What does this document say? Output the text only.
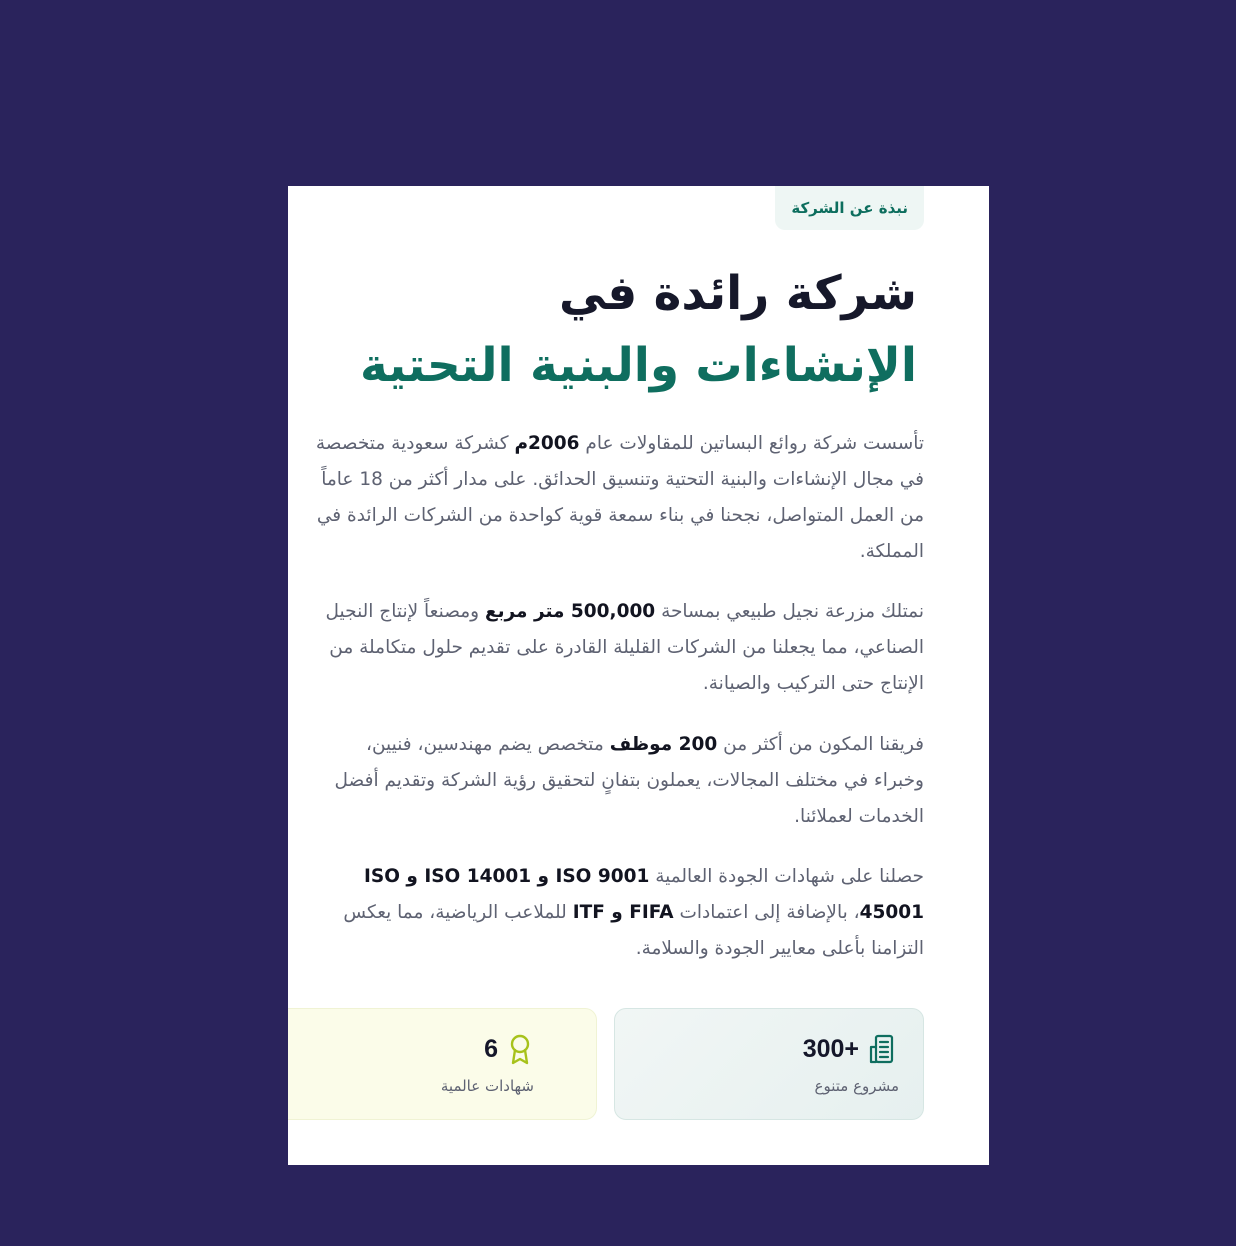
نبذة عن الشركة
شركة رائدة في
الإنشاءات والبنية التحتية

تأسست شركة روائع البساتين للمقاولات عام 2006م كشركة سعودية متخصصة في مجال الإنشاءات والبنية التحتية وتنسيق الحدائق. على مدار أكثر من 18 عاماً من العمل المتواصل، نجحنا في بناء سمعة قوية كواحدة من الشركات الرائدة في المملكة.

نمتلك مزرعة نجيل طبيعي بمساحة 500,000 متر مربع ومصنعاً لإنتاج النجيل الصناعي، مما يجعلنا من الشركات القليلة القادرة على تقديم حلول متكاملة من الإنتاج حتى التركيب والصيانة.

فريقنا المكون من أكثر من 200 موظف متخصص يضم مهندسين، فنيين، وخبراء في مختلف المجالات، يعملون بتفانٍ لتحقيق رؤية الشركة وتقديم أفضل الخدمات لعملائنا.

حصلنا على شهادات الجودة العالمية ISO 9001 و ISO 14001 و ISO 45001، بالإضافة إلى اعتمادات FIFA و ITF للملاعب الرياضية، مما يعكس التزامنا بأعلى معايير الجودة والسلامة.

300+
مشروع متنوع
6
شهادات عالمية
